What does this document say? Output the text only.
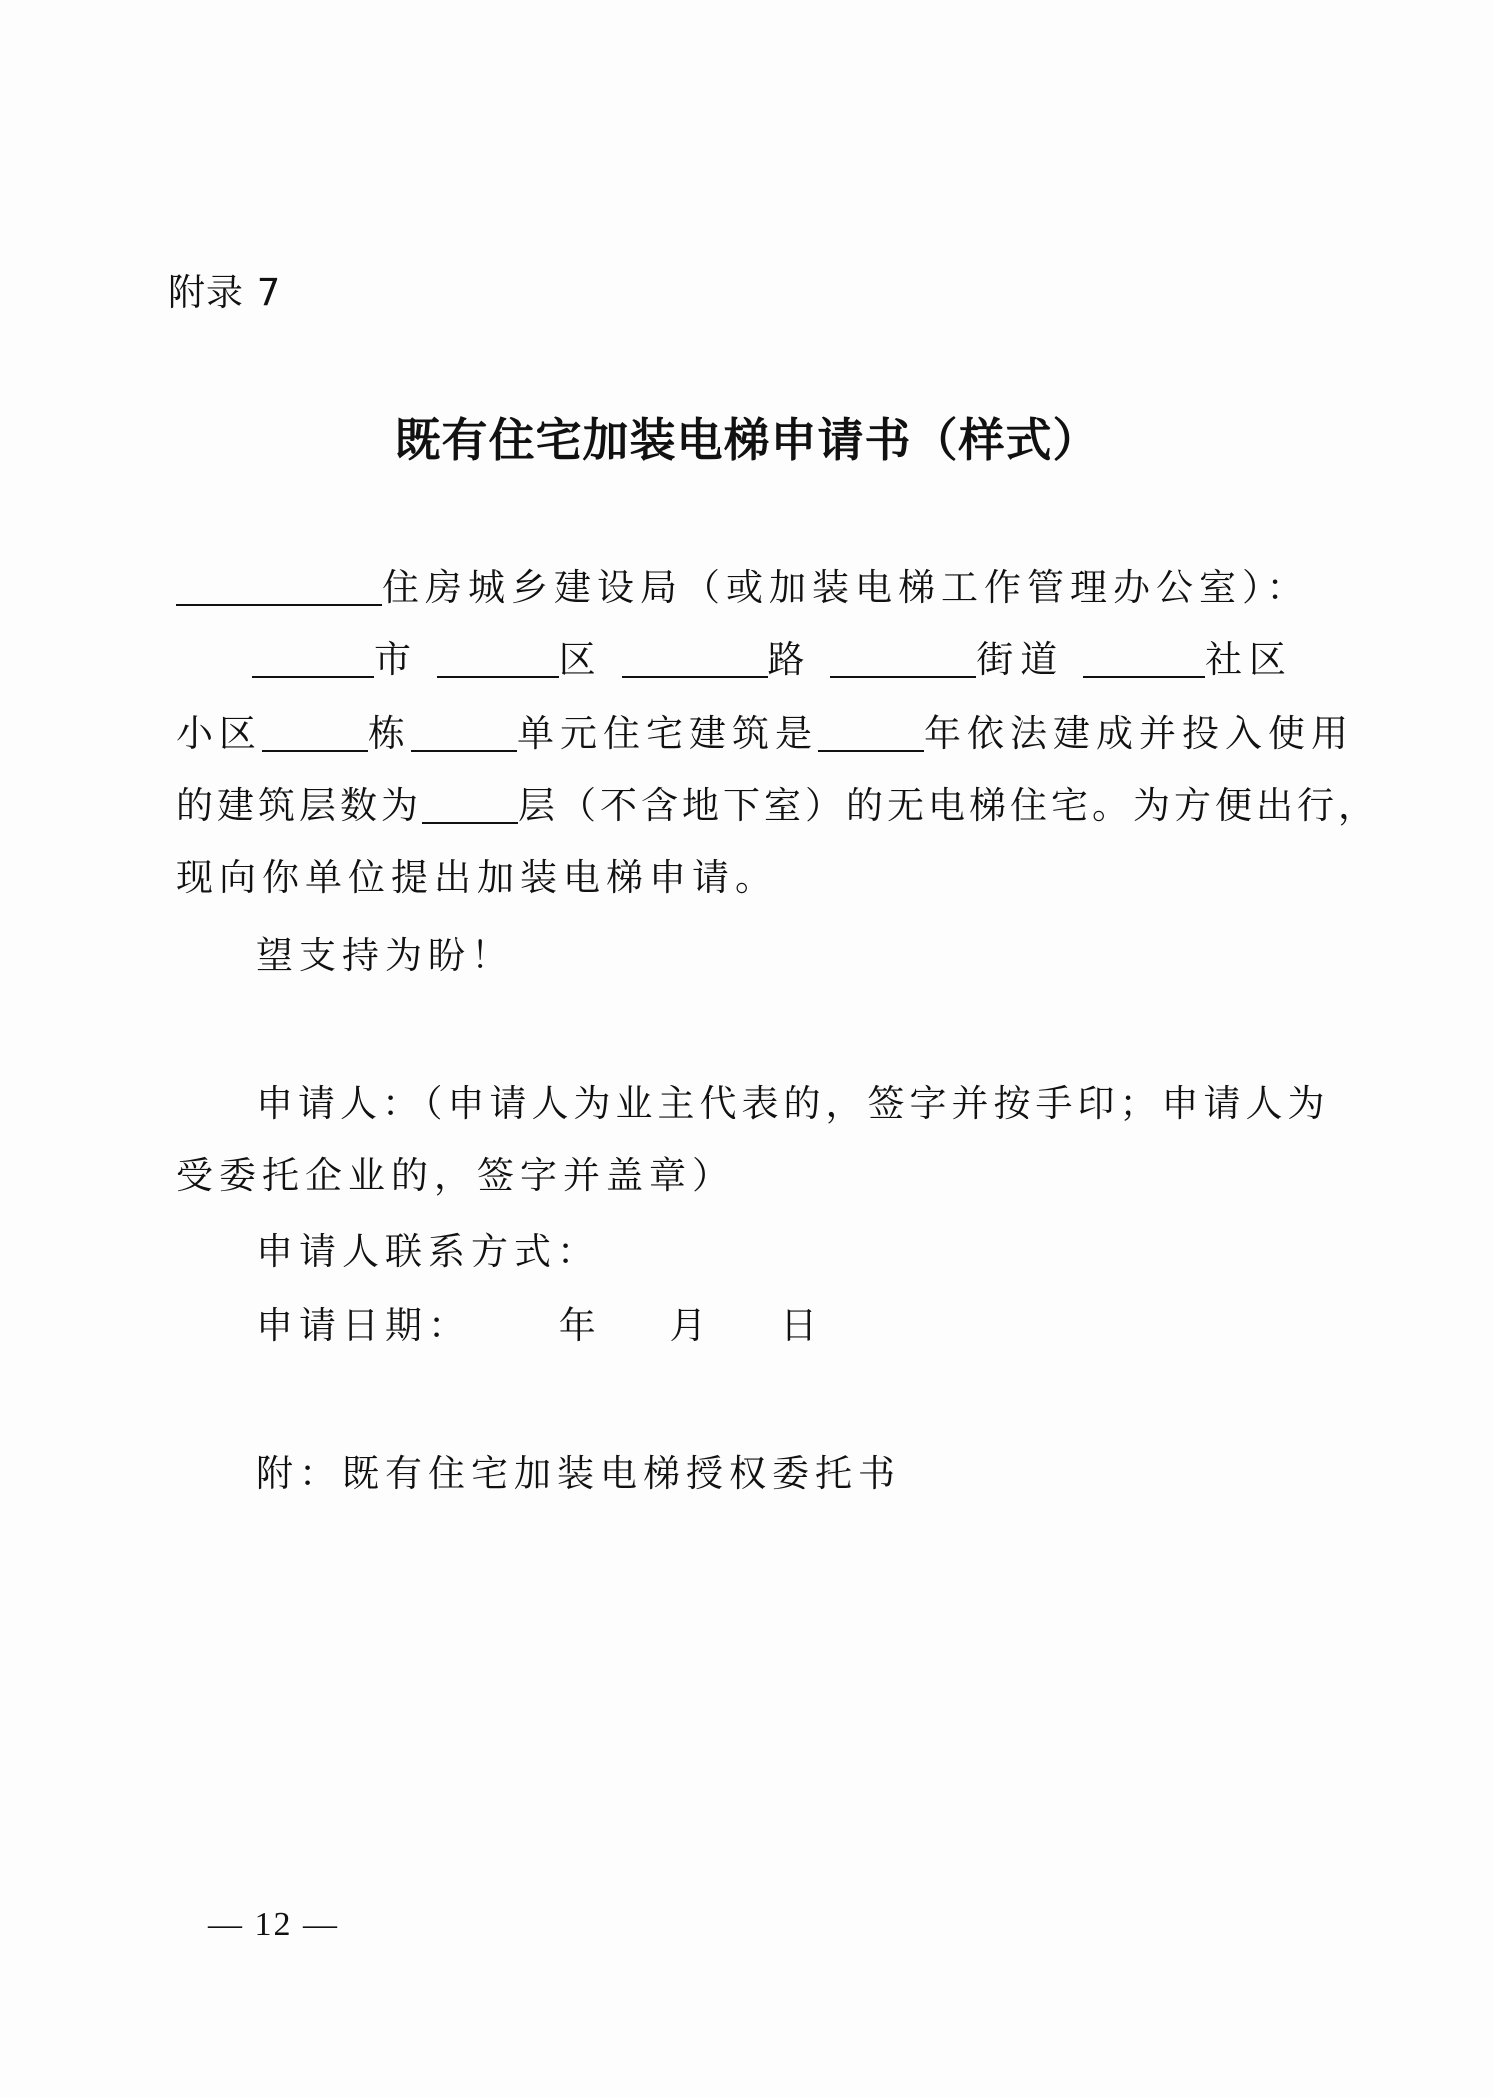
附录 7
既有住宅加装电梯申请书（样式）
住房城乡建设局（或加装电梯工作管理办公室）：
市	区	路	街道	社区
小区	栋	单元住宅建筑是	年依法建成并投入使用
的建筑层数为	层（不含地下室）的无电梯住宅。为方便出行，
现向你单位提出加装电梯申请。
望支持为盼！
申请人：（申请人为业主代表的，签字并按手印；申请人为
受委托企业的，签字并盖章）
申请人联系方式：
申请日期： 年 月 日
附：既有住宅加装电梯授权委托书
— 12 —
